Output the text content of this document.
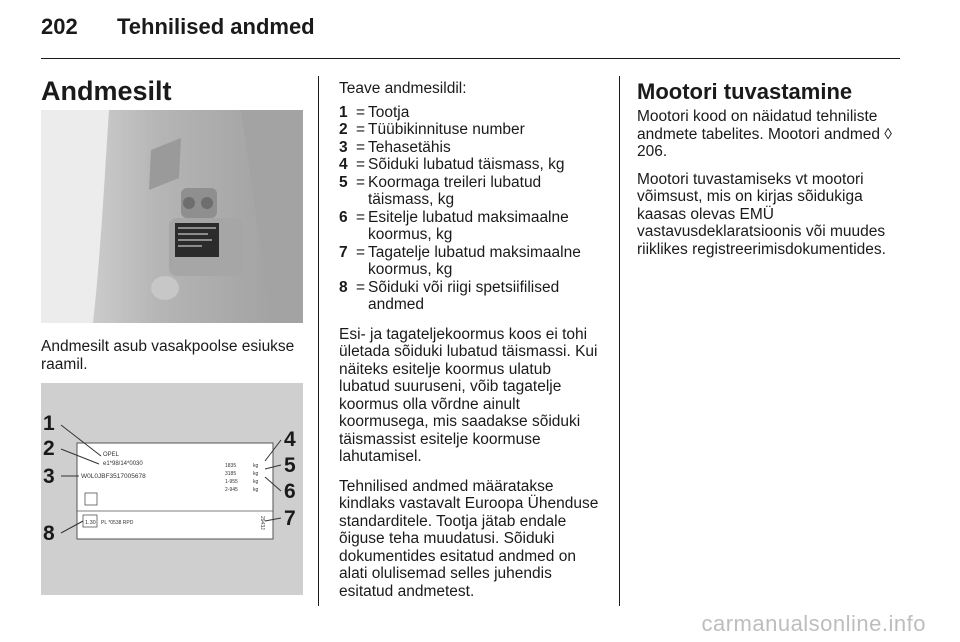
202	Tehnilised andmed
Andmesilt
Andmesilt asub vasakpoolse esiukse raamil.
1
2
3
8
4
5
6
7
OPEL
e1*98/14*0030
W0L0JBF3517005678
1835
3185
1-955
2-945
kg
kg
kg
kg
1.30 PL *0538 RPD	2943J

Teave andmesildil:

1 = Tootja
2 = Tüübikinnituse number
3 = Tehasetähis
4 = Sõiduki lubatud täismass, kg
5 = Koormaga treileri lubatud täismass, kg
6 = Esitelje lubatud maksimaalne koormus, kg
7 = Tagatelje lubatud maksimaalne koormus, kg
8 = Sõiduki või riigi spetsiifilised andmed

Esi- ja tagateljekoormus koos ei tohi ületada sõiduki lubatud täismassi. Kui näiteks esitelje koormus ulatub lubatud suuruseni, võib tagatelje koormus olla võrdne ainult koormusega, mis saadakse sõiduki täismassist esitelje koormuse lahutamisel.

Tehnilised andmed määratakse kindlaks vastavalt Euroopa Ühenduse standarditele. Tootja jätab endale õiguse teha muudatusi. Sõiduki dokumentides esitatud andmed on alati olulisemad selles juhendis esitatud andmetest.

Mootori tuvastamine

Mootori kood on näidatud tehniliste andmete tabelites. Mootori andmed ◊ 206.

Mootori tuvastamiseks vt mootori võimsust, mis on kirjas sõidukiga kaasas olevas EMÜ vastavusdeklaratsioonis või muudes riiklikes registreerimisdokumentides.

carmanualsonline.info
